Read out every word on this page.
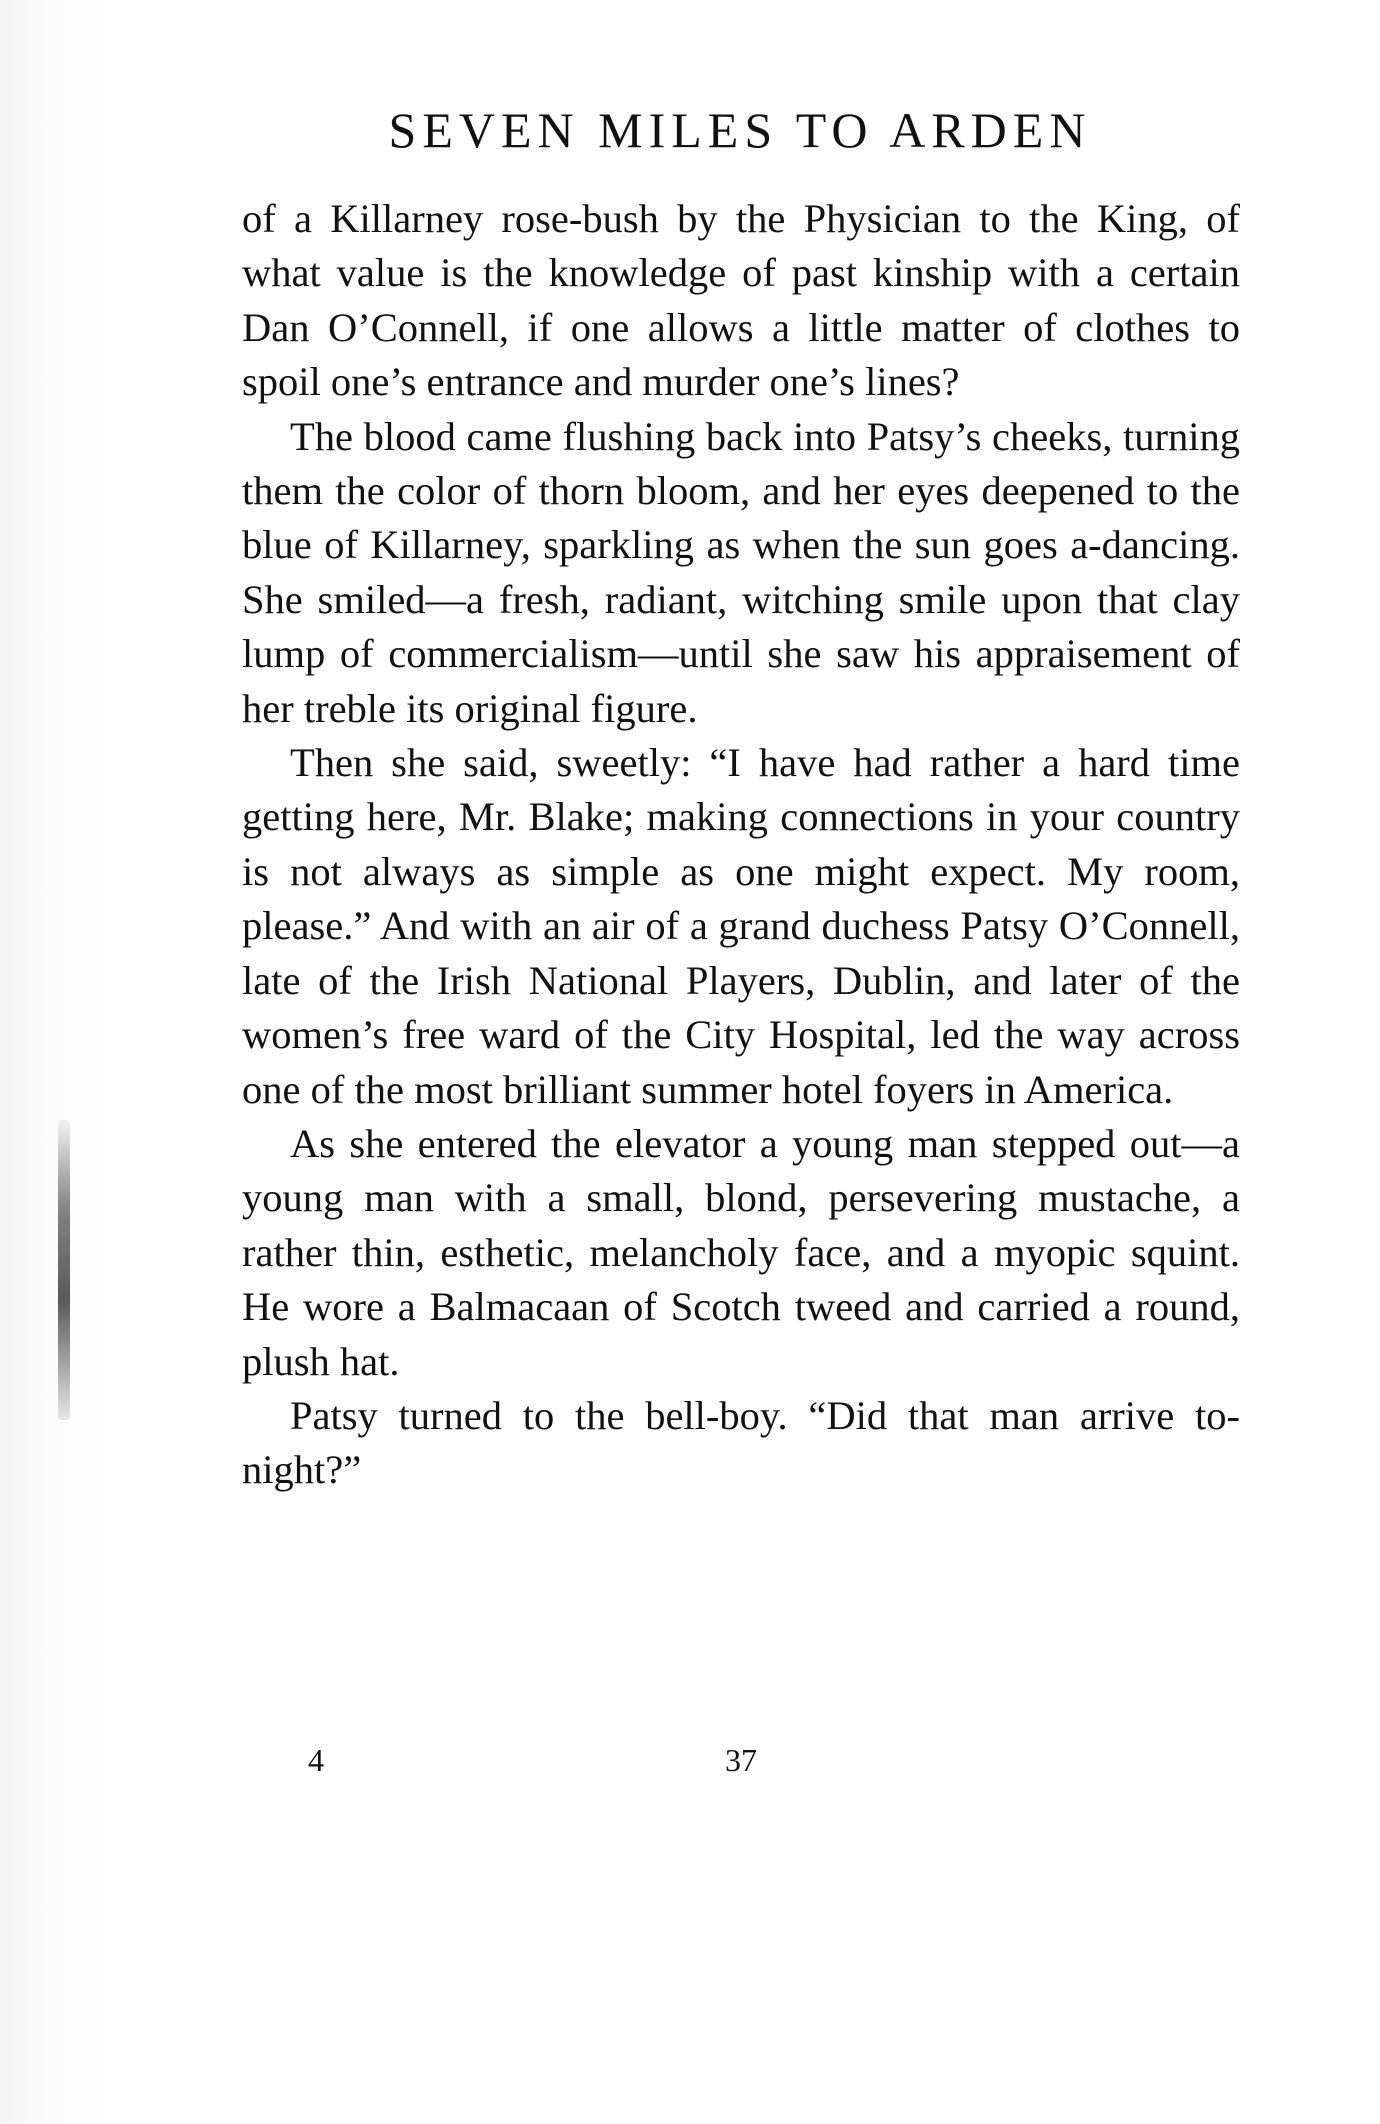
SEVEN MILES TO ARDEN

of a Killarney rose-bush by the Physician to the King, of what value is the knowledge of past kinship with a certain Dan O’Connell, if one allows a little matter of clothes to spoil one’s entrance and murder one’s lines?

The blood came flushing back into Patsy’s cheeks, turning them the color of thorn bloom, and her eyes deepened to the blue of Killarney, sparkling as when the sun goes a-dancing. She smiled—a fresh, radiant, witching smile upon that clay lump of commercialism—until she saw his appraisement of her treble its original figure.

Then she said, sweetly: “I have had rather a hard time getting here, Mr. Blake; making connections in your country is not always as simple as one might expect. My room, please.” And with an air of a grand duchess Patsy O’Connell, late of the Irish National Players, Dublin, and later of the women’s free ward of the City Hospital, led the way across one of the most brilliant summer hotel foyers in America.

As she entered the elevator a young man stepped out—a young man with a small, blond, persevering mustache, a rather thin, esthetic, melancholy face, and a myopic squint. He wore a Balmacaan of Scotch tweed and carried a round, plush hat.

Patsy turned to the bell-boy. “Did that man arrive to-night?”

4	37
